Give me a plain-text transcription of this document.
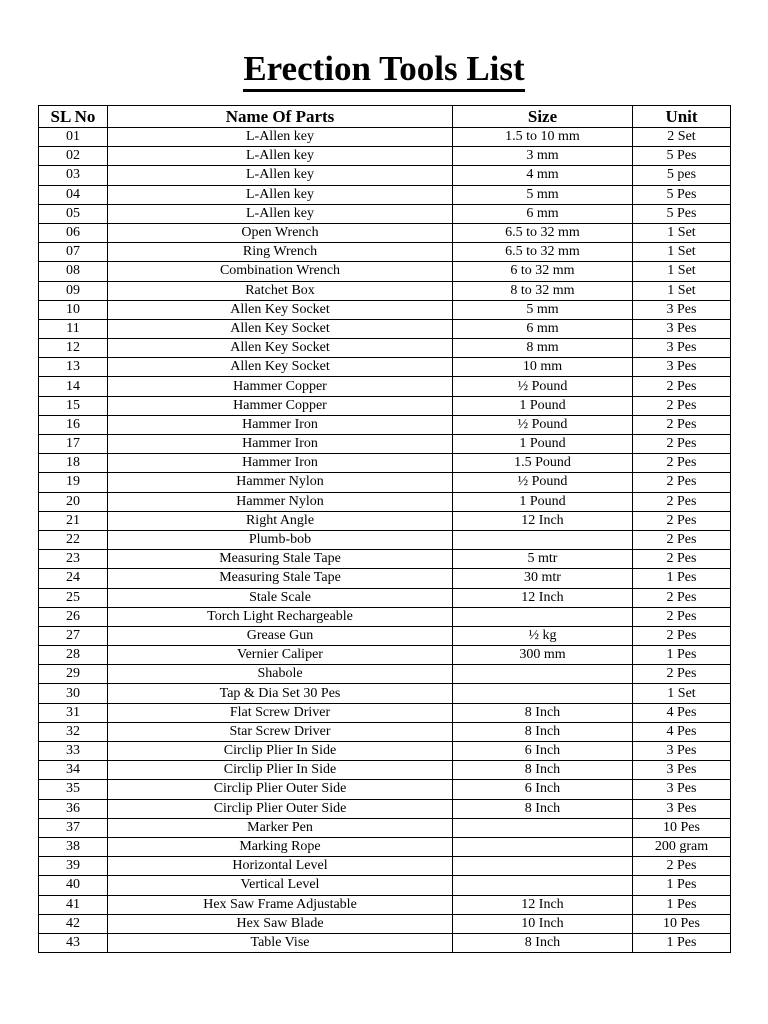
Erection Tools List
SL No	Name Of Parts	Size	Unit
01	L-Allen key	1.5 to 10 mm	2 Set
02	L-Allen key	3 mm	5 Pes
03	L-Allen key	4 mm	5 pes
04	L-Allen key	5 mm	5 Pes
05	L-Allen key	6 mm	5 Pes
06	Open Wrench	6.5 to 32 mm	1 Set
07	Ring Wrench	6.5 to 32 mm	1 Set
08	Combination Wrench	6 to 32 mm	1 Set
09	Ratchet Box	8 to 32 mm	1 Set
10	Allen Key Socket	5 mm	3 Pes
11	Allen Key Socket	6 mm	3 Pes
12	Allen Key Socket	8 mm	3 Pes
13	Allen Key Socket	10 mm	3 Pes
14	Hammer Copper	½ Pound	2 Pes
15	Hammer Copper	1 Pound	2 Pes
16	Hammer Iron	½ Pound	2 Pes
17	Hammer Iron	1 Pound	2 Pes
18	Hammer Iron	1.5 Pound	2 Pes
19	Hammer Nylon	½ Pound	2 Pes
20	Hammer Nylon	1 Pound	2 Pes
21	Right Angle	12 Inch	2 Pes
22	Plumb-bob		2 Pes
23	Measuring Stale Tape	5 mtr	2 Pes
24	Measuring Stale Tape	30 mtr	1 Pes
25	Stale Scale	12 Inch	2 Pes
26	Torch Light Rechargeable		2 Pes
27	Grease Gun	½ kg	2 Pes
28	Vernier Caliper	300 mm	1 Pes
29	Shabole		2 Pes
30	Tap & Dia Set 30 Pes		1 Set
31	Flat Screw Driver	8 Inch	4 Pes
32	Star Screw Driver	8 Inch	4 Pes
33	Circlip Plier In Side	6 Inch	3 Pes
34	Circlip Plier In Side	8 Inch	3 Pes
35	Circlip Plier Outer Side	6 Inch	3 Pes
36	Circlip Plier Outer Side	8 Inch	3 Pes
37	Marker Pen		10 Pes
38	Marking Rope		200 gram
39	Horizontal Level		2 Pes
40	Vertical Level		1 Pes
41	Hex Saw Frame Adjustable	12 Inch	1 Pes
42	Hex Saw Blade	10 Inch	10 Pes
43	Table Vise	8 Inch	1 Pes
